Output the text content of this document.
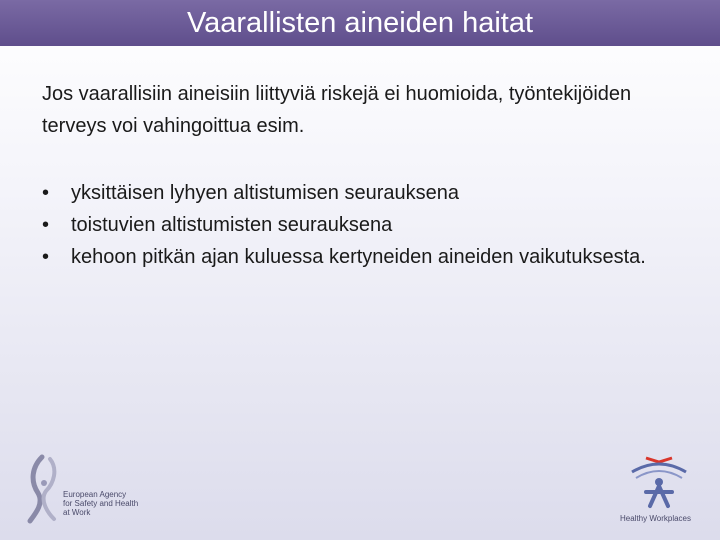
Vaarallisten aineiden haitat
Jos vaarallisiin aineisiin liittyviä riskejä ei huomioida, työntekijöiden terveys voi vahingoittua esim.
• yksittäisen lyhyen altistumisen seurauksena
• toistuvien altistumisten seurauksena
• kehoon pitkän ajan kuluessa kertyneiden aineiden vaikutuksesta.
European Agency
for Safety and Health
at Work
Healthy Workplaces
